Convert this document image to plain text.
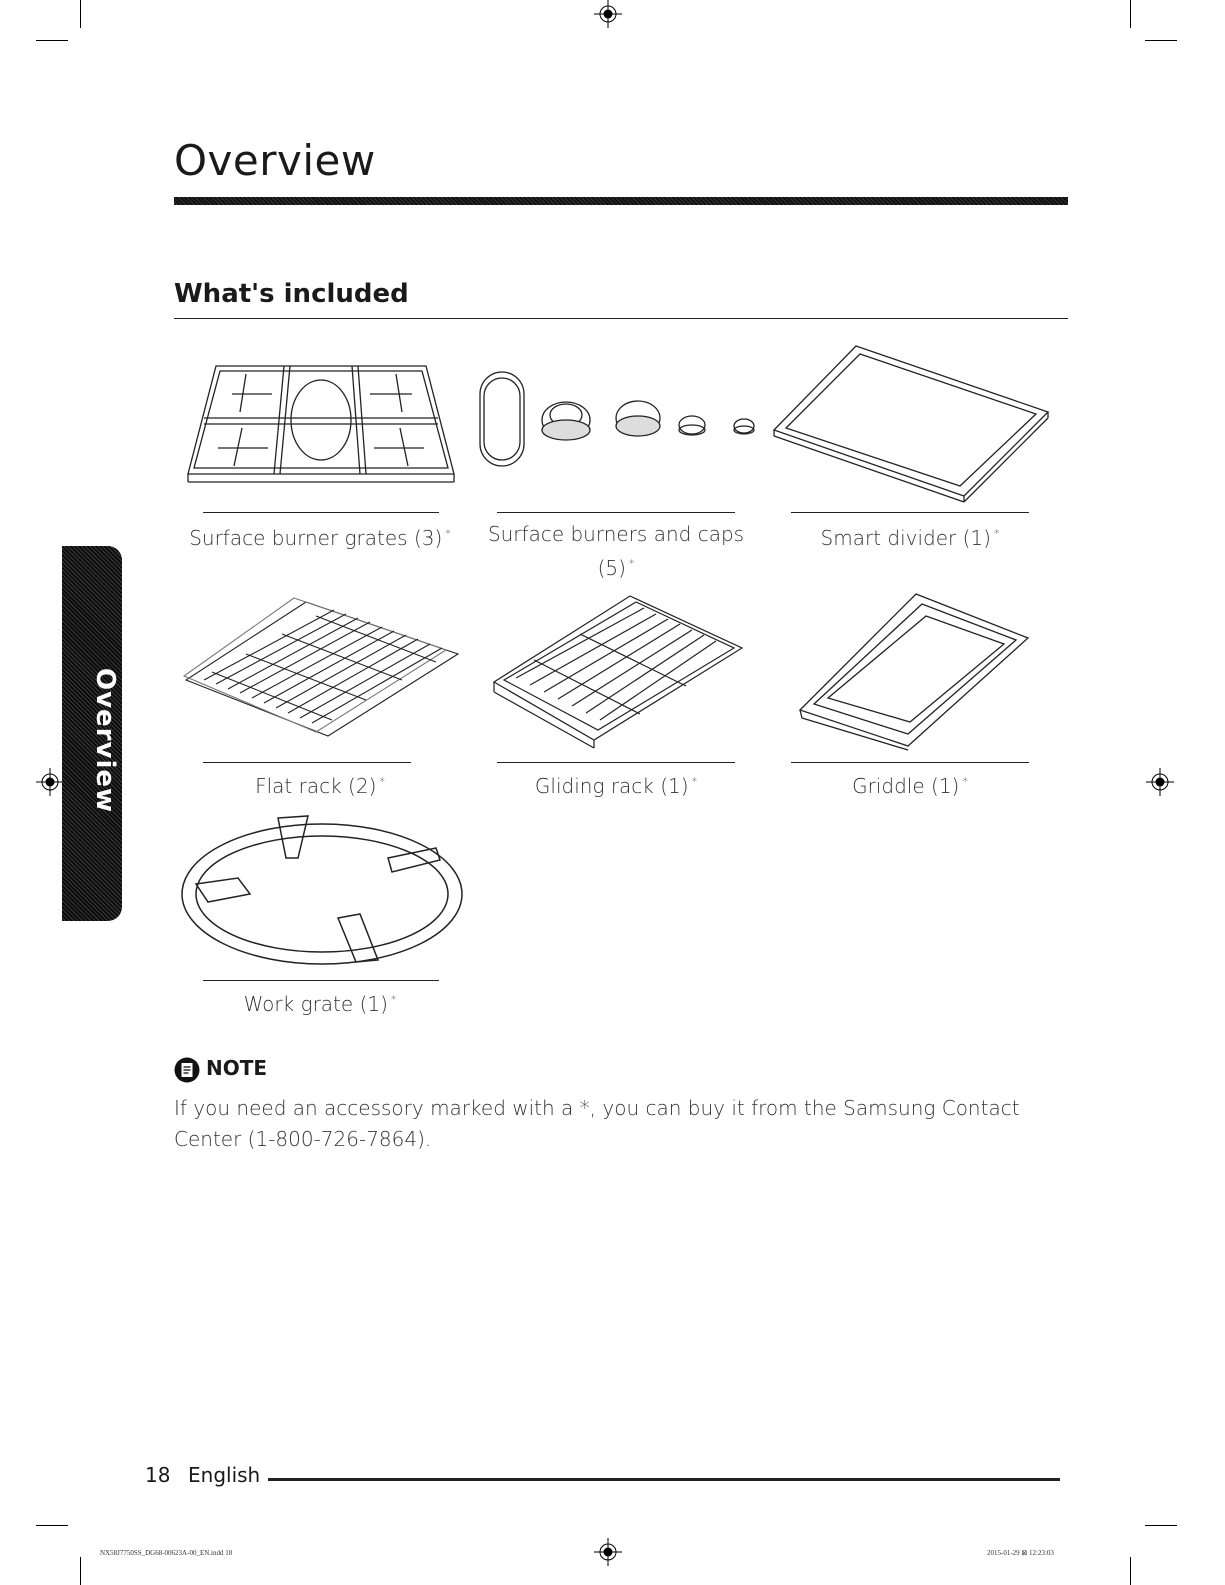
Overview
Overview
What's included
Surface burner grates (3) *	Surface burners and caps
(5) *
Smart divider (1) *
Flat rack (2) *	Gliding rack (1) *	Griddle (1) *
Work grate (1) *
NOTE
If you need an accessory marked with a *, you can buy it from the Samsung Contact Center (1-800-726-7864).
18 English
NX58J7750SS_DG68-00623A-00_EN.indd 18	2015-01-29 ⊠ 12:23:03
